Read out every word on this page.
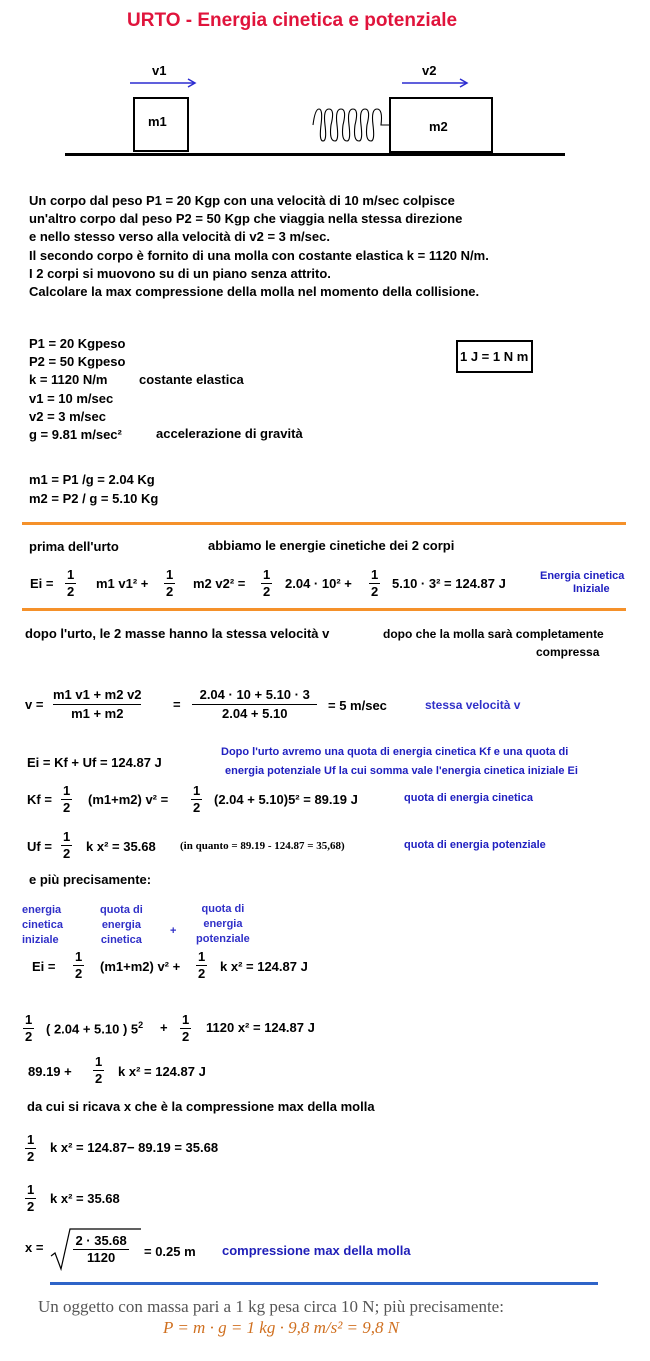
URTO - Energia cinetica e potenziale
v1
m1
v2
m2
Un corpo dal peso P1 = 20 Kgp con una velocità di 10 m/sec colpisce
un'altro corpo dal peso P2 = 50 Kgp che viaggia nella stessa direzione
e nello stesso verso alla velocità di v2 = 3 m/sec.
Il secondo corpo è fornito di una molla con costante elastica k = 1120 N/m.
I 2 corpi si muovono su di un piano senza attrito.
Calcolare la max compressione della molla nel momento della collisione.
P1 = 20 Kgpeso
P2 = 50 Kgpeso
k = 1120 N/m
v1 = 10 m/sec
v2 = 3 m/sec
g = 9.81 m/sec²
costante elastica
accelerazione di gravità
1 J = 1 N m
m1 = P1 /g = 2.04 Kg
m2 = P2 / g = 5.10 Kg
prima dell'urto	abbiamo le energie cinetiche dei 2 corpi
$Ei = \frac{1}{2} m1$ $v1^2 + \frac{1}{2} m2$ $v2^2 = \frac{1}{2} 2.04 \cdot 10^2 + \frac{1}{2} 5.10 \cdot 3^2 = 124.87$ J	Energia cinetica
Iniziale
dopo l'urto, le 2 masse hanno la stessa velocità v	dopo che la molla sarà completamente
compressa
$v = \frac{m1 v1 + m2 v2}{m1 + m2} = \frac{2.04 \cdot 10 + 5.10 \cdot 3}{2.04 + 5.10} = 5$ m/sec	stessa velocità v
Ei = Kf + Uf = 124.87 J
Dopo l'urto avremo una quota di energia cinetica Kf e una quota di
energia potenziale Uf la cui somma vale l'energia cinetica iniziale Ei
$Kf = \frac{1}{2} (m1+m2) v^2 = \frac{1}{2} (2.04 + 5.10)5^2 = 89.19$ J	quota di energia cinetica
$Uf = \frac{1}{2}$ k x² = 35.68 (in quanto = 89.19 - 124.87 = 35,68)	quota di energia potenziale
e più precisamente:
energia
cinetica
iniziale
quota di
energia
cinetica
+
quota di
energia
potenziale
$Ei = \frac{1}{2} (m1+m2) v^2 + \frac{1}{2}$ k x² = 124.87 J
$\frac{1}{2}$ ( 2.04 + 5.10 ) $5^2 + \frac{1}{2} 1120$ x² = 124.87 J
$89.19 + \frac{1}{2}$ k x² = 124.87 J
da cui si ricava x che è la compressione max della molla
$\frac{1}{2}$ k x² = 124.87− 89.19 = 35.68
$\frac{1}{2}$ k x² = 35.68
$x = \frac{2 \cdot 35.68}{1120} = 0.25$ m compressione max della molla
Un oggetto con massa pari a 1 kg pesa circa 10 N; più precisamente:
P = m · g = 1 kg · 9,8 m/s² = 9,8 N
